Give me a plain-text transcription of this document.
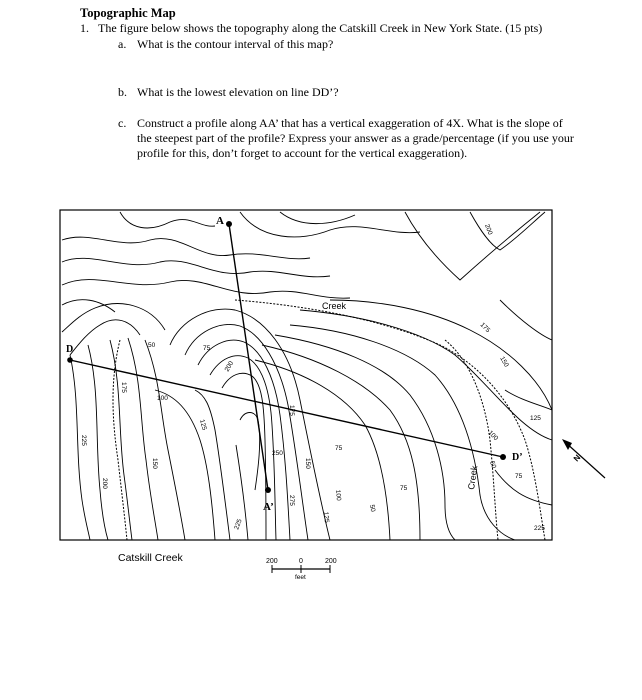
Topographic Map
1. The figure below shows the topography along the Catskill Creek in New York State. (15 pts)
a. What is the contour interval of this map?
b. What is the lowest elevation on line DD’?
c. Construct a profile along AA’ that has a vertical exaggeration of 4X. What is the slope of the steepest part of the profile? Express your answer as a grade/percentage (if you use your profile for this, don’t forget to account for the vertical exaggeration).
A
A’
D
D’
Creek
Creek
50	75
100
125
150
175
200
225
250
275
175
150
125
100
75
50
75
50
100
125
75
150
175
225
200
200
225
N
Catskill Creek	200	0	200
feet
